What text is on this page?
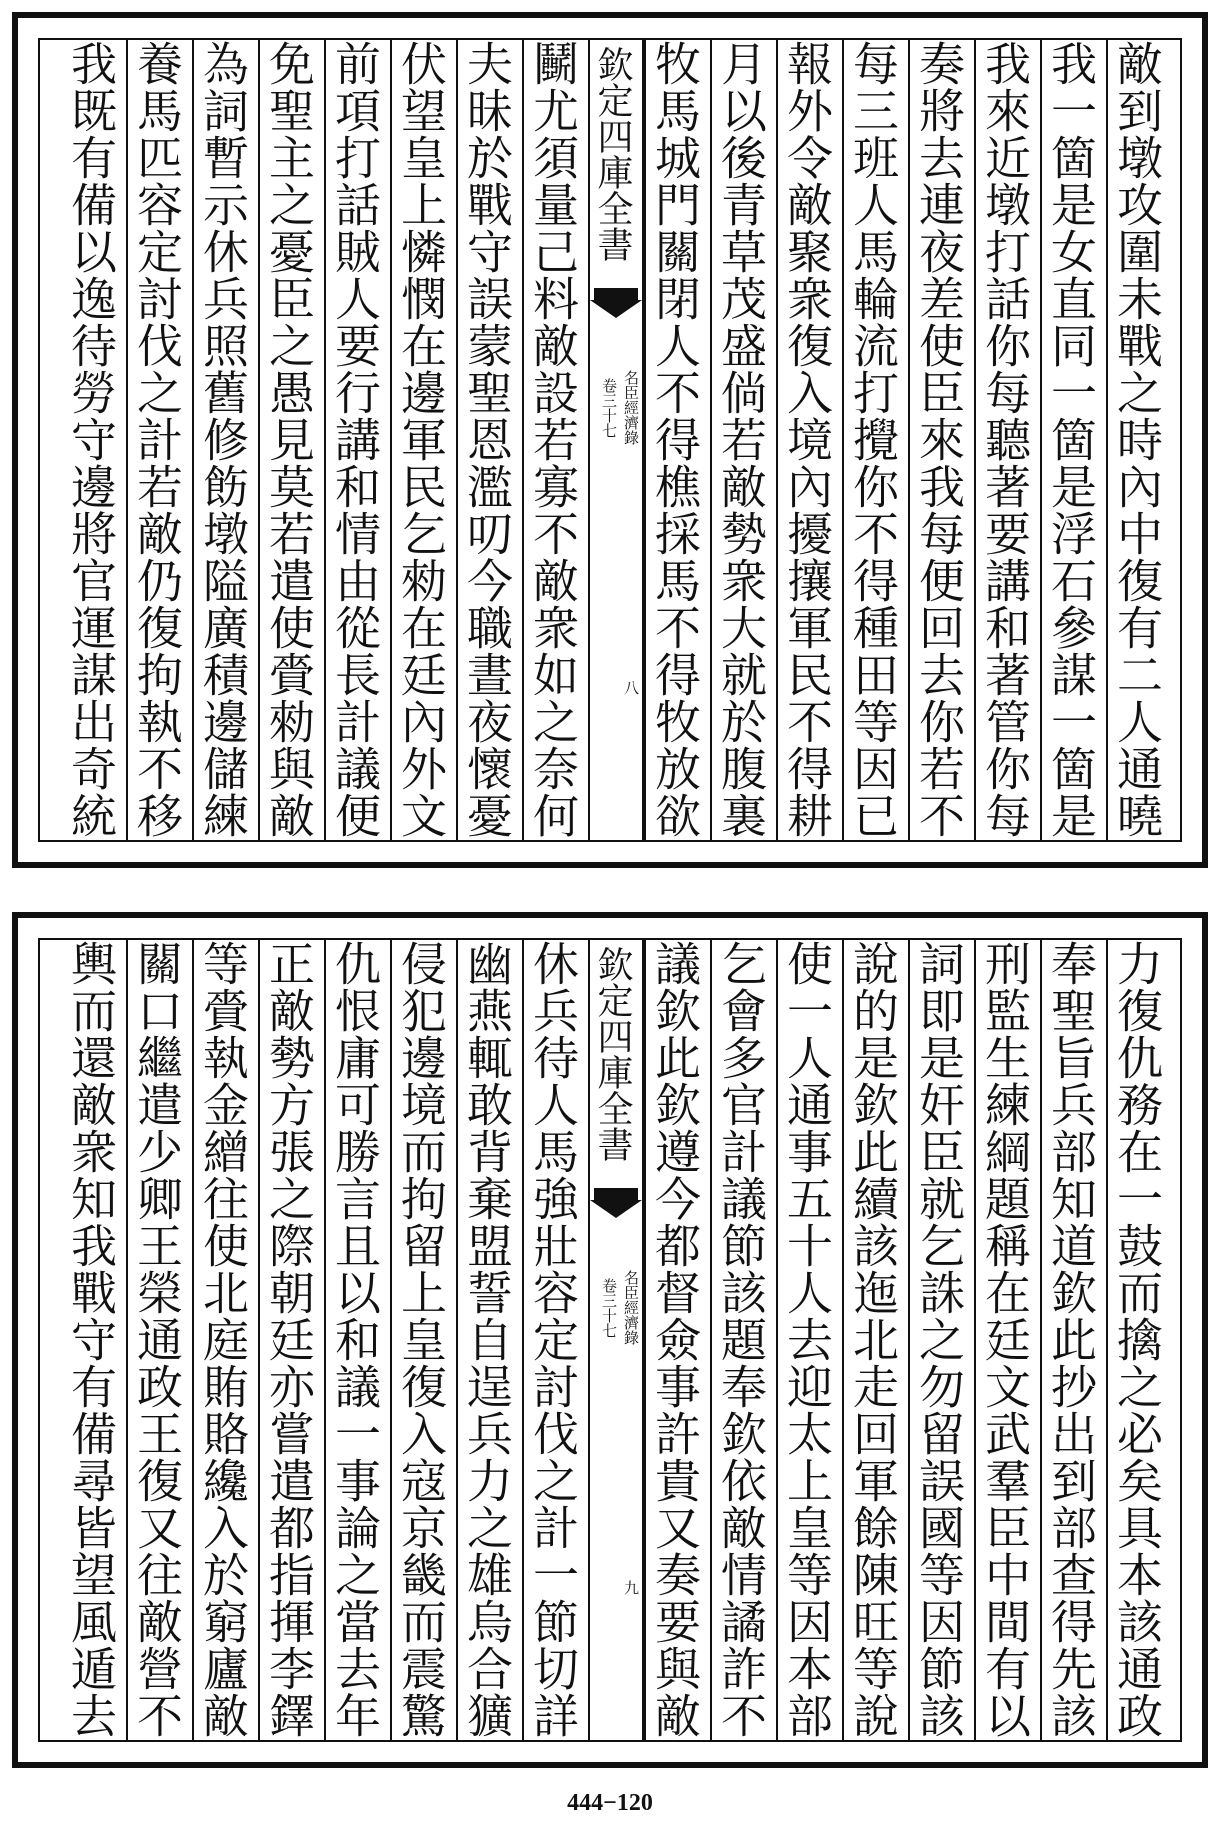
敵到墩攻圍未戰之時內中復有二人通曉
我一箇是女直同一箇是浮石參謀一箇是
我來近墩打話你每聽著要講和著管你每
奏將去連夜差使臣來我每便回去你若不
每三班人馬輪流打攪你不得種田等因已
報外令敵聚衆復入境內擾攘軍民不得耕
月以後青草茂盛倘若敵勢衆大就於腹裏
牧馬城門關閉人不得樵採馬不得牧放欲
欽定四庫全書
名臣經濟錄
卷三十七
八
鬭尤須量己料敵設若寡不敵衆如之奈何
夫昧於戰守誤蒙聖恩濫叨今職晝夜懷憂
伏望皇上憐憫在邊軍民乞勑在廷內外文
前項打話賊人要行講和情由從長計議便
免聖主之憂臣之愚見莫若遣使賫勑與敵
為詞暫示休兵照舊修飭墩隘廣積邊儲練
養馬匹容定討伐之計若敵仍復拘執不移
我既有備以逸待勞守邊將官運謀出奇統
力復仇務在一鼓而擒之必矣具本該通政
奉聖旨兵部知道欽此抄出到部查得先該
刑監生練綱題稱在廷文武羣臣中間有以
詞即是奸臣就乞誅之勿留誤國等因節該
說的是欽此續該迤北走回軍餘陳旺等說
使一人通事五十人去迎太上皇等因本部
乞會多官計議節該題奉欽依敵情譎詐不
議欽此欽遵今都督僉事許貴又奏要與敵
欽定四庫全書
名臣經濟錄
卷三十七
九
休兵待人馬強壯容定討伐之計一節切詳
幽燕輒敢背棄盟誓自逞兵力之雄烏合獷
侵犯邊境而拘留上皇復入寇京畿而震驚
仇恨庸可勝言且以和議一事論之當去年
正敵勢方張之際朝廷亦嘗遣都指揮李鐸
等賫執金繒往使北庭賄賂纔入於窮廬敵
關口繼遣少卿王榮通政王復又往敵營不
輿而還敵衆知我戰守有備尋皆望風遁去
444−120
